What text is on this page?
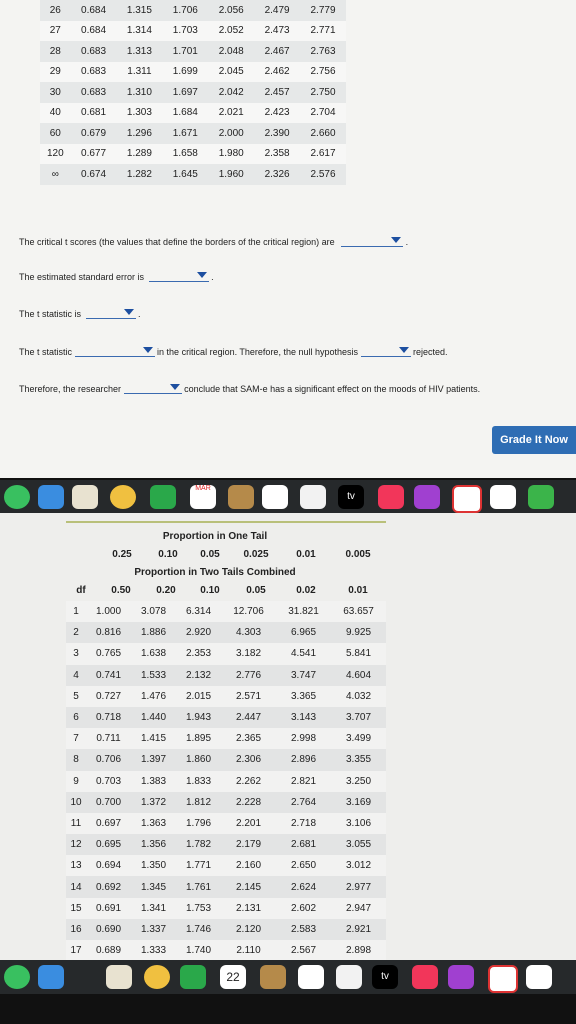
26	0.684	1.315	1.706	2.056	2.479	2.779
27	0.684	1.314	1.703	2.052	2.473	2.771
28	0.683	1.313	1.701	2.048	2.467	2.763
29	0.683	1.311	1.699	2.045	2.462	2.756
30	0.683	1.310	1.697	2.042	2.457	2.750
40	0.681	1.303	1.684	2.021	2.423	2.704
60	0.679	1.296	1.671	2.000	2.390	2.660
120	0.677	1.289	1.658	1.980	2.358	2.617
∞	0.674	1.282	1.645	1.960	2.326	2.576
The critical t scores (the values that define the borders of the critical region) are	.
The estimated standard error is	.
The t statistic is	.
The t statistic	in the critical region. Therefore, the null hypothesis	rejected.
Therefore, the researcher	conclude that SAM-e has a significant effect on the moods of HIV patients.
Grade It Now
MAR
tv
Proportion in One Tail
0.25	0.10	0.05	0.025	0.01	0.005
Proportion in Two Tails Combined
df	0.50	0.20	0.10	0.05	0.02	0.01
1	1.000	3.078	6.314	12.706	31.821	63.657
2	0.816	1.886	2.920	4.303	6.965	9.925
3	0.765	1.638	2.353	3.182	4.541	5.841
4	0.741	1.533	2.132	2.776	3.747	4.604
5	0.727	1.476	2.015	2.571	3.365	4.032
6	0.718	1.440	1.943	2.447	3.143	3.707
7	0.711	1.415	1.895	2.365	2.998	3.499
8	0.706	1.397	1.860	2.306	2.896	3.355
9	0.703	1.383	1.833	2.262	2.821	3.250
10	0.700	1.372	1.812	2.228	2.764	3.169
11	0.697	1.363	1.796	2.201	2.718	3.106
12	0.695	1.356	1.782	2.179	2.681	3.055
13	0.694	1.350	1.771	2.160	2.650	3.012
14	0.692	1.345	1.761	2.145	2.624	2.977
15	0.691	1.341	1.753	2.131	2.602	2.947
16	0.690	1.337	1.746	2.120	2.583	2.921
17	0.689	1.333	1.740	2.110	2.567	2.898
22	tv
